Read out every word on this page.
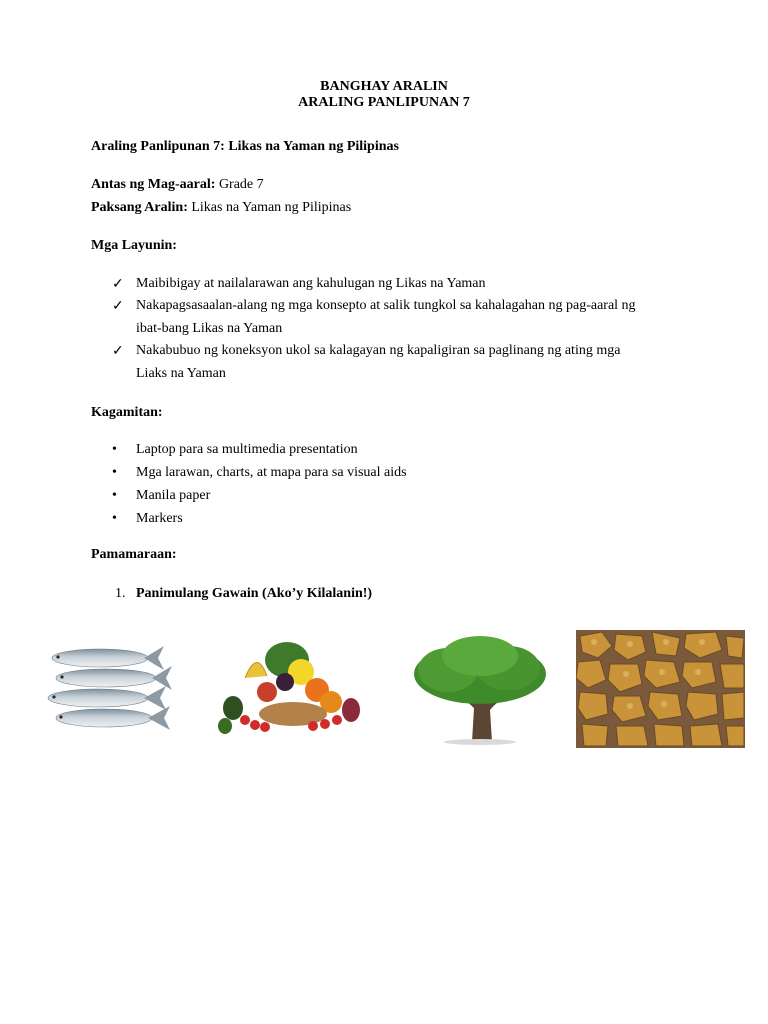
BANGHAY ARALIN
ARALING PANLIPUNAN 7
Araling Panlipunan 7: Likas na Yaman ng Pilipinas
Antas ng Mag-aaral: Grade 7
Paksang Aralin: Likas na Yaman ng Pilipinas
Mga Layunin:
✓ Maibibigay at nailalarawan ang kahulugan ng Likas na Yaman
✓ Nakapagsasaalan-alang ng mga konsepto at salik tungkol sa kahalagahan ng pag-aaral ng
ibat-bang Likas na Yaman
✓ Nakabubuo ng koneksyon ukol sa kalagayan ng kapaligiran sa paglinang ng ating mga
Liaks na Yaman
Kagamitan:
• Laptop para sa multimedia presentation
• Mga larawan, charts, at mapa para sa visual aids
• Manila paper
• Markers
Pamamaraan:
1. Panimulang Gawain (Ako’y Kilalanin!)
